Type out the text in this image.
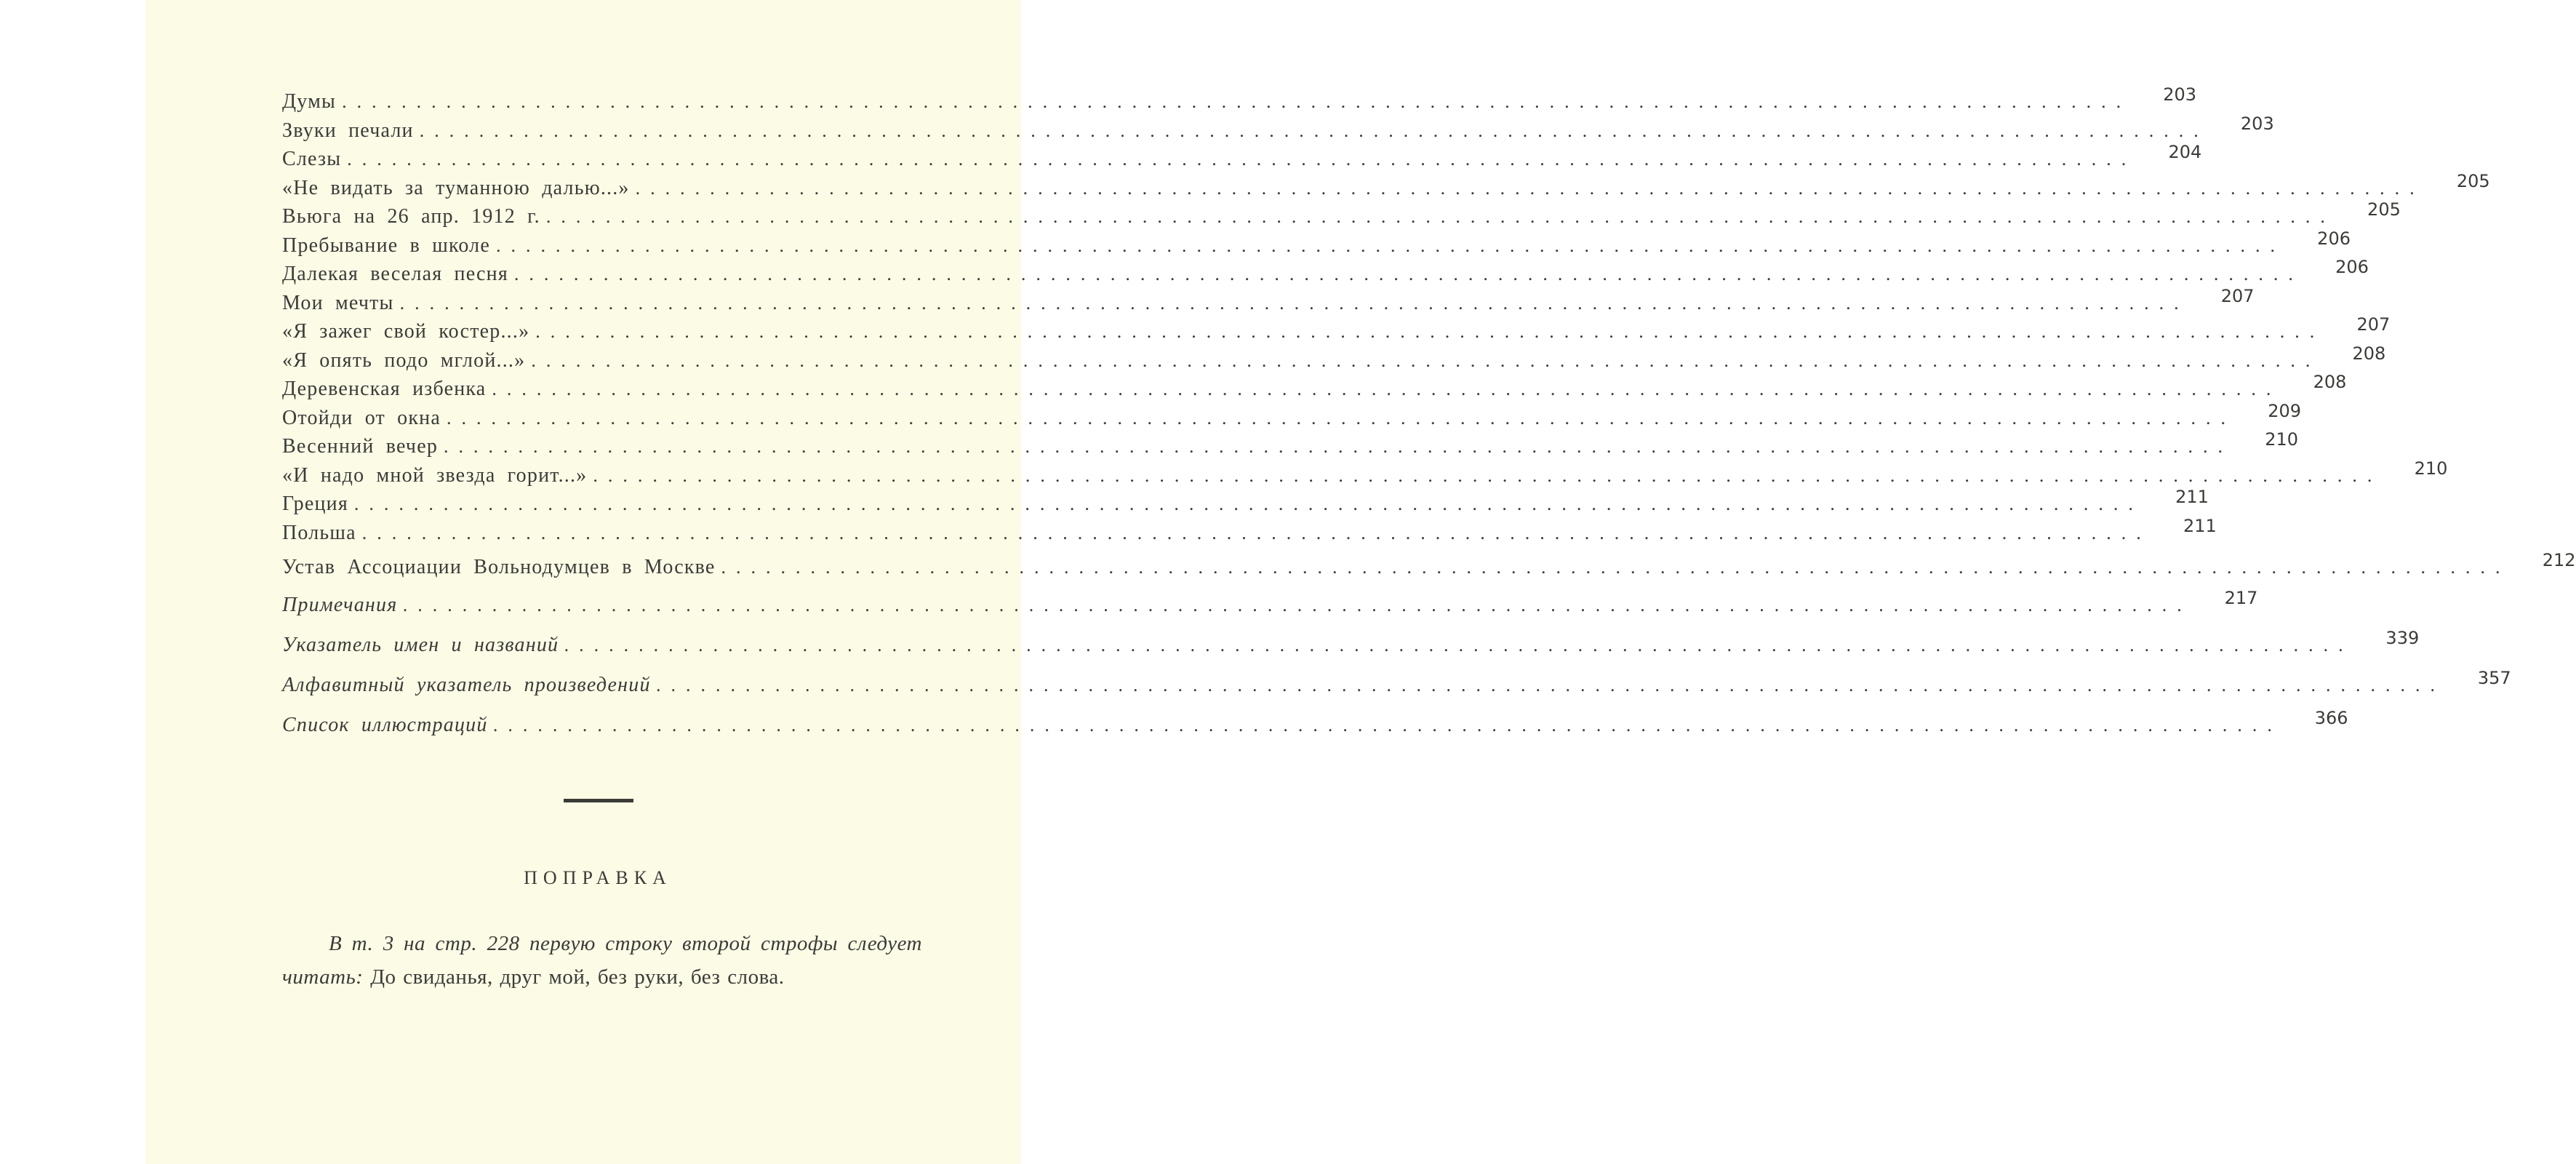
Думы ........................................................................................................................	203
Звуки печали ........................................................................................................................	203
Слезы ........................................................................................................................	204
«Не видать за туманною далью...» ........................................................................................................................	205
Вьюга на 26 апр. 1912 г. ........................................................................................................................	205
Пребывание в школе ........................................................................................................................	206
Далекая веселая песня ........................................................................................................................	206
Мои мечты ........................................................................................................................	207
«Я зажег свой костер...» ........................................................................................................................	207
«Я опять подо мглой...» ........................................................................................................................	208
Деревенская избенка ........................................................................................................................	208
Отойди от окна ........................................................................................................................	209
Весенний вечер ........................................................................................................................	210
«И надо мной звезда горит...» ........................................................................................................................	210
Греция ........................................................................................................................	211
Польша ........................................................................................................................	211
Устав Ассоциации Вольнодумцев в Москве ........................................................................................................................	212
Примечания ........................................................................................................................	217
Указатель имен и названий ........................................................................................................................	339
Алфавитный указатель произведений ........................................................................................................................	357
Список иллюстраций ........................................................................................................................	366
ПОПРАВКА

В т. 3 на стр. 228 первую строку второй строфы следует читать: До свиданья, друг мой, без руки, без слова.
